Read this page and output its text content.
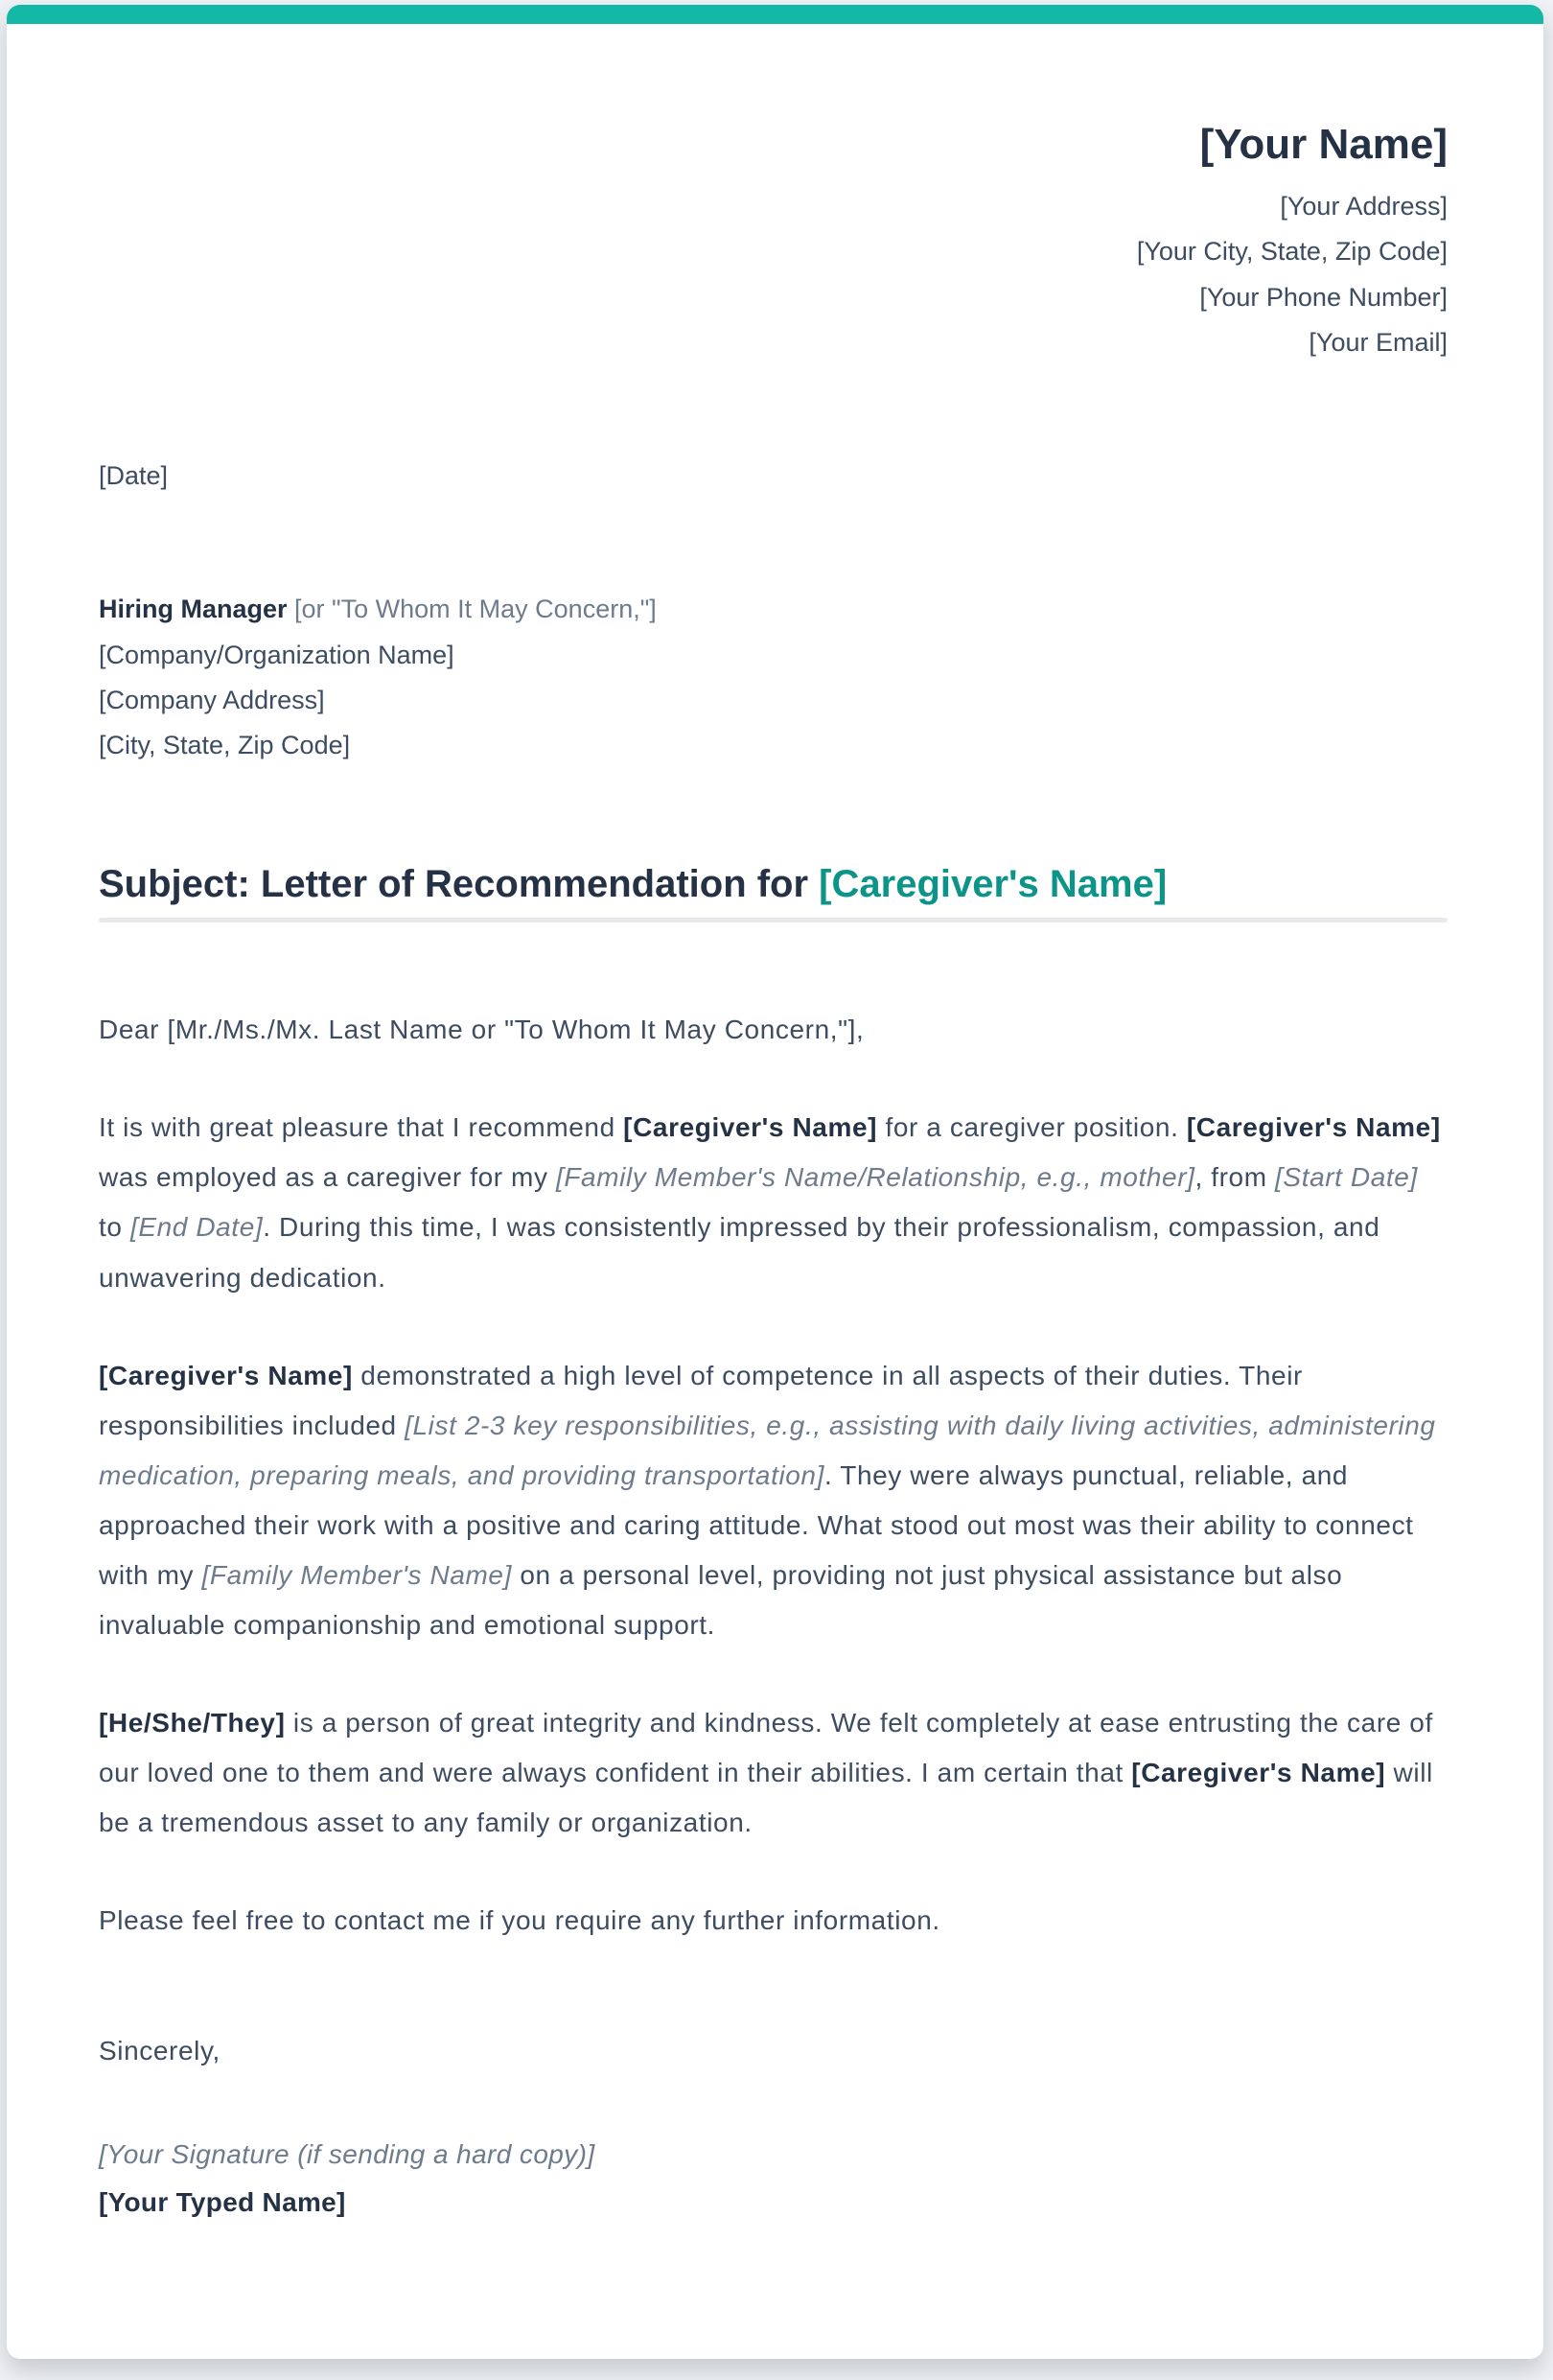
[Your Name]
[Your Address]
[Your City, State, Zip Code]
[Your Phone Number]
[Your Email]
[Date]
Hiring Manager [or "To Whom It May Concern,"]
[Company/Organization Name]
[Company Address]
[City, State, Zip Code]
Subject: Letter of Recommendation for [Caregiver's Name]

Dear [Mr./Ms./Mx. Last Name or "To Whom It May Concern,"],

It is with great pleasure that I recommend [Caregiver's Name] for a caregiver position. [Caregiver's Name] was employed as a caregiver for my [Family Member's Name/Relationship, e.g., mother], from [Start Date] to [End Date]. During this time, I was consistently impressed by their professionalism, compassion, and unwavering dedication.

[Caregiver's Name] demonstrated a high level of competence in all aspects of their duties. Their responsibilities included [List 2-3 key responsibilities, e.g., assisting with daily living activities, administering medication, preparing meals, and providing transportation]. They were always punctual, reliable, and approached their work with a positive and caring attitude. What stood out most was their ability to connect with my [Family Member's Name] on a personal level, providing not just physical assistance but also invaluable companionship and emotional support.

[He/She/They] is a person of great integrity and kindness. We felt completely at ease entrusting the care of our loved one to them and were always confident in their abilities. I am certain that [Caregiver's Name] will be a tremendous asset to any family or organization.

Please feel free to contact me if you require any further information.

Sincerely,

[Your Signature (if sending a hard copy)]
[Your Typed Name]
